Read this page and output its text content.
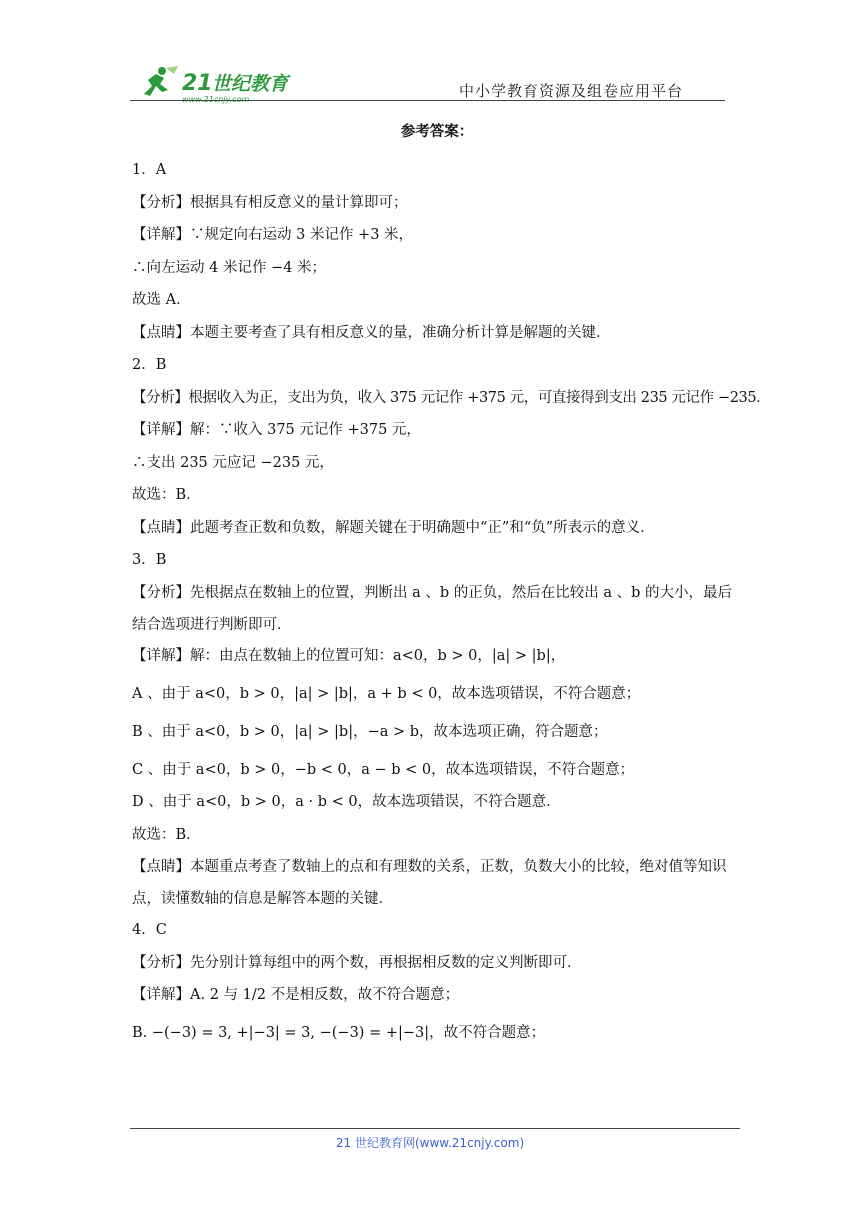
21 世纪教育	中小学教育资源及组卷应用平台
参考答案：
1．A
【分析】根据具有相反意义的量计算即可；
【详解】∵规定向右运动 3 米记作 +3 米，
∴向左运动 4 米记作 −4 米；
故选 A．
【点睛】本题主要考查了具有相反意义的量，准确分析计算是解题的关键．
2．B
【分析】根据收入为正，支出为负，收入 375 元记作 +375 元，可直接得到支出 235 元记作 −235．
【详解】解：∵收入 375 元记作 +375 元，
∴支出 235 元应记 −235 元，
故选：B．
【点睛】此题考查正数和负数，解题关键在于明确题中“正”和“负”所表示的意义．
3．B
【分析】先根据点在数轴上的位置，判断出 a 、b 的正负，然后在比较出 a 、b 的大小，最后结合选项进行判断即可．
【详解】解：由点在数轴上的位置可知：a<0，b > 0，|a| > |b|，
A 、由于 a<0，b > 0，|a| > |b|，a + b < 0，故本选项错误，不符合题意；
B 、由于 a<0，b > 0，|a| > |b|，−a > b，故本选项正确，符合题意；
C 、由于 a<0，b > 0，−b < 0，a − b < 0，故本选项错误，不符合题意；
D 、由于 a<0，b > 0，a · b < 0，故本选项错误，不符合题意．
故选：B．
【点睛】本题重点考查了数轴上的点和有理数的关系，正数，负数大小的比较，绝对值等知识点，读懂数轴的信息是解答本题的关键．
4．C
【分析】先分别计算每组中的两个数，再根据相反数的定义判断即可．
【详解】A. 2 与 1/2 不是相反数，故不符合题意；
B. −(−3) = 3, +|−3| = 3, −(−3) = +|−3|，故不符合题意；
21 世纪教育网(www.21cnjy.com)
